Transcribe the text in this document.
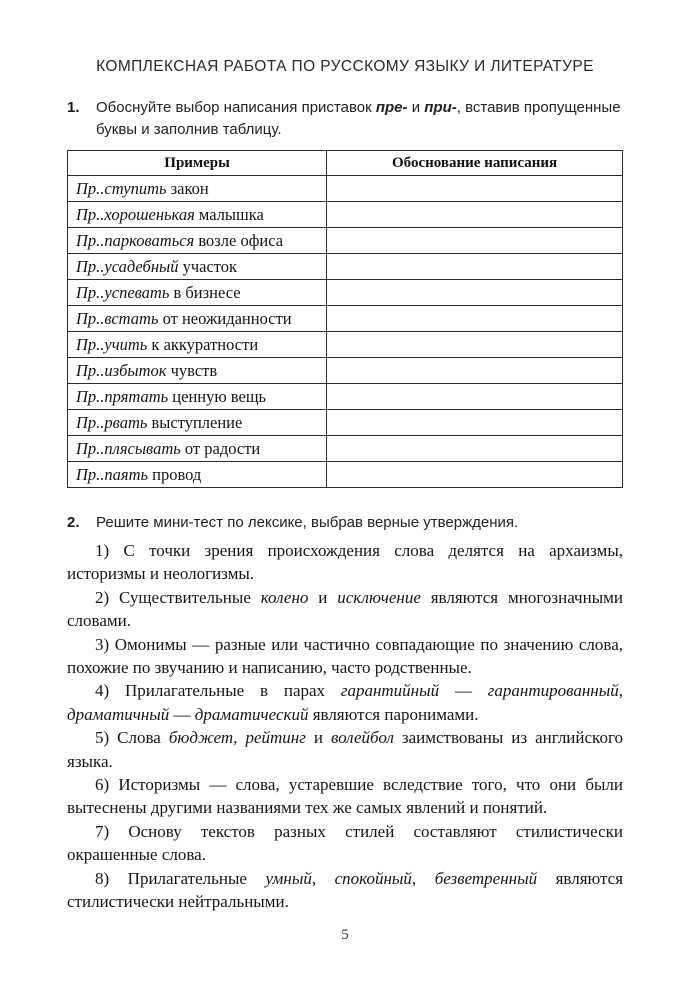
КОМПЛЕКСНАЯ РАБОТА ПО РУССКОМУ ЯЗЫКУ И ЛИТЕРАТУРЕ
1.	Обоснуйте выбор написания приставок пре- и при-, вставив пропущенные буквы и заполнив таблицу.
Примеры	Обоснование написания
Пр..ступить закон	
Пр..хорошенькая малышка	
Пр..парковаться возле офиса	
Пр..усадебный участок	
Пр..успевать в бизнесе	
Пр..встать от неожиданности	
Пр..учить к аккуратности	
Пр..избыток чувств	
Пр..прятать ценную вещь	
Пр..рвать выступление	
Пр..плясывать от радости	
Пр..паять провод	
2.	Решите мини-тест по лексике, выбрав верные утверждения.

1) С точки зрения происхождения слова делятся на архаизмы, историзмы и неологизмы.

2) Существительные колено и исключение являются многозначными словами.

3) Омонимы — разные или частично совпадающие по значению слова, похожие по звучанию и написанию, часто родственные.

4) Прилагательные в парах гарантийный — гарантированный, драматичный — драматический являются паронимами.

5) Слова бюджет, рейтинг и волейбол заимствованы из английского языка.

6) Историзмы — слова, устаревшие вследствие того, что они были вытеснены другими названиями тех же самых явлений и понятий.

7) Основу текстов разных стилей составляют стилистически окрашенные слова.

8) Прилагательные умный, спокойный, безветренный являются стилистически нейтральными.

5
